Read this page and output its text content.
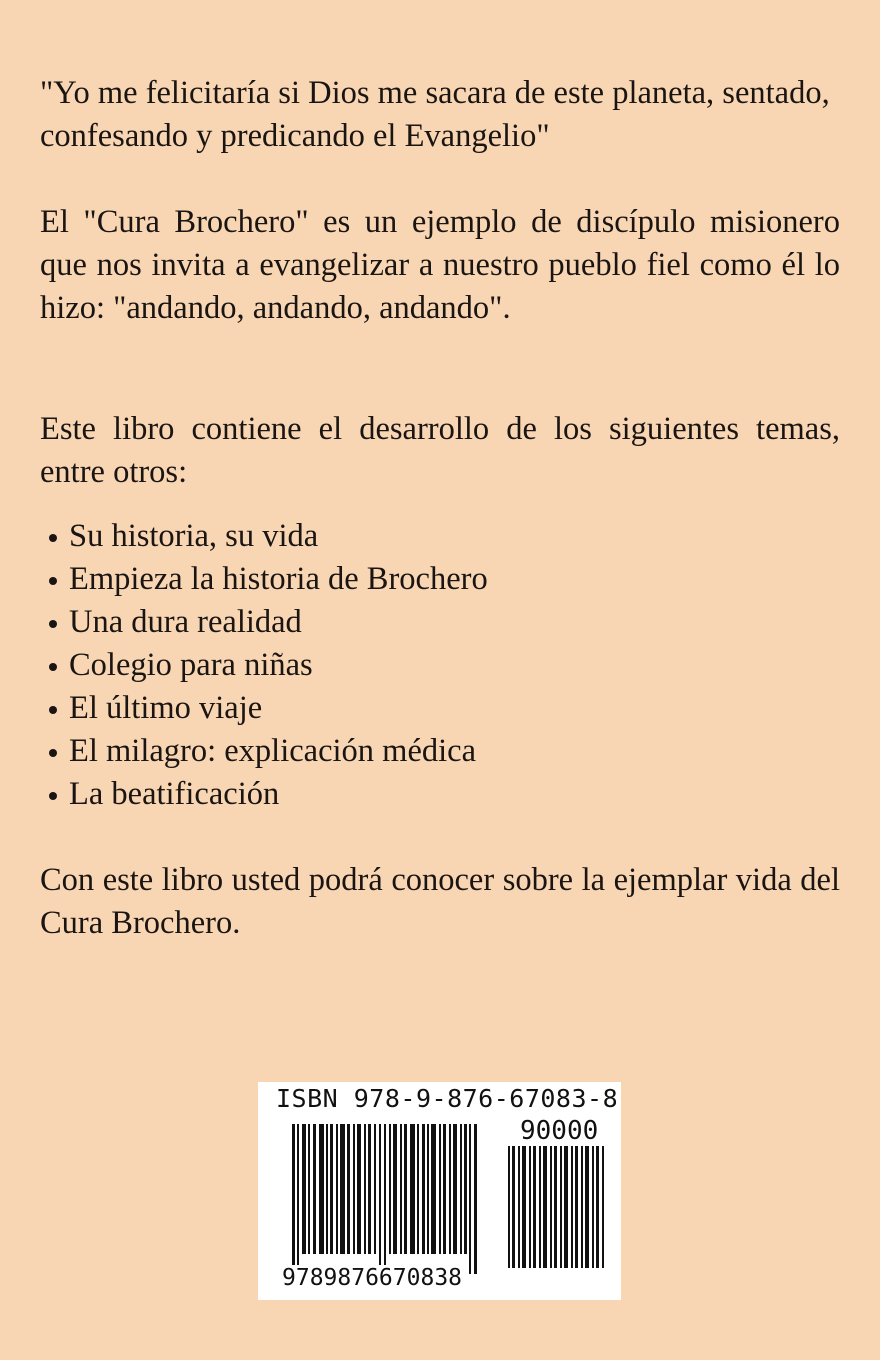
"Yo me felicitaría si Dios me sacara de este planeta, sentado, confesando y predicando el Evangelio"

El "Cura Brochero" es un ejemplo de discípulo misionero que nos invita a evangelizar a nuestro pueblo fiel como él lo hizo: "andando, andando, andando".

Este libro contiene el desarrollo de los siguientes temas, entre otros:

Su historia, su vida
Empieza la historia de Brochero
Una dura realidad
Colegio para niñas
El último viaje
El milagro: explicación médica
La beatificación

Con este libro usted podrá conocer sobre la ejemplar vida del Cura Brochero.

ISBN 978-9-876-67083-8
90000
9789876670838
